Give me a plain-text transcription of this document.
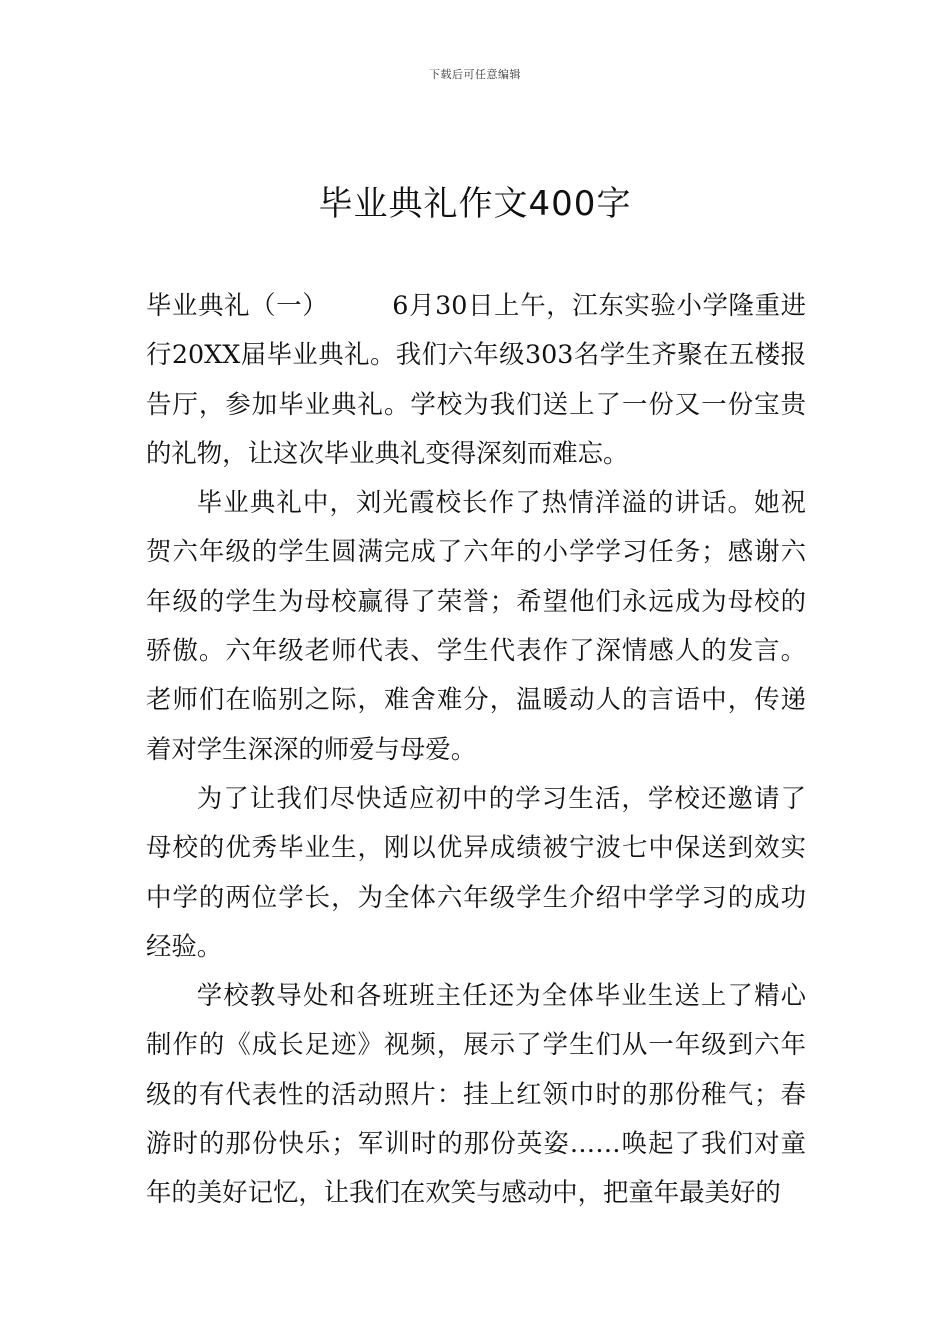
下载后可任意编辑
毕业典礼作文400字

毕业典礼（一）	6月30日上午，江东实验小学隆重进行20XX届毕业典礼。我们六年级303名学生齐聚在五楼报告厅，参加毕业典礼。学校为我们送上了一份又一份宝贵的礼物，让这次毕业典礼变得深刻而难忘。

毕业典礼中，刘光霞校长作了热情洋溢的讲话。她祝贺六年级的学生圆满完成了六年的小学学习任务；感谢六年级的学生为母校赢得了荣誉；希望他们永远成为母校的骄傲。六年级老师代表、学生代表作了深情感人的发言。老师们在临别之际，难舍难分，温暖动人的言语中，传递着对学生深深的师爱与母爱。

为了让我们尽快适应初中的学习生活，学校还邀请了母校的优秀毕业生，刚以优异成绩被宁波七中保送到效实中学的两位学长，为全体六年级学生介绍中学学习的成功经验。

学校教导处和各班班主任还为全体毕业生送上了精心制作的《成长足迹》视频，展示了学生们从一年级到六年级的有代表性的活动照片：挂上红领巾时的那份稚气；春游时的那份快乐；军训时的那份英姿……唤起了我们对童年的美好记忆，让我们在欢笑与感动中，把童年最美好的
